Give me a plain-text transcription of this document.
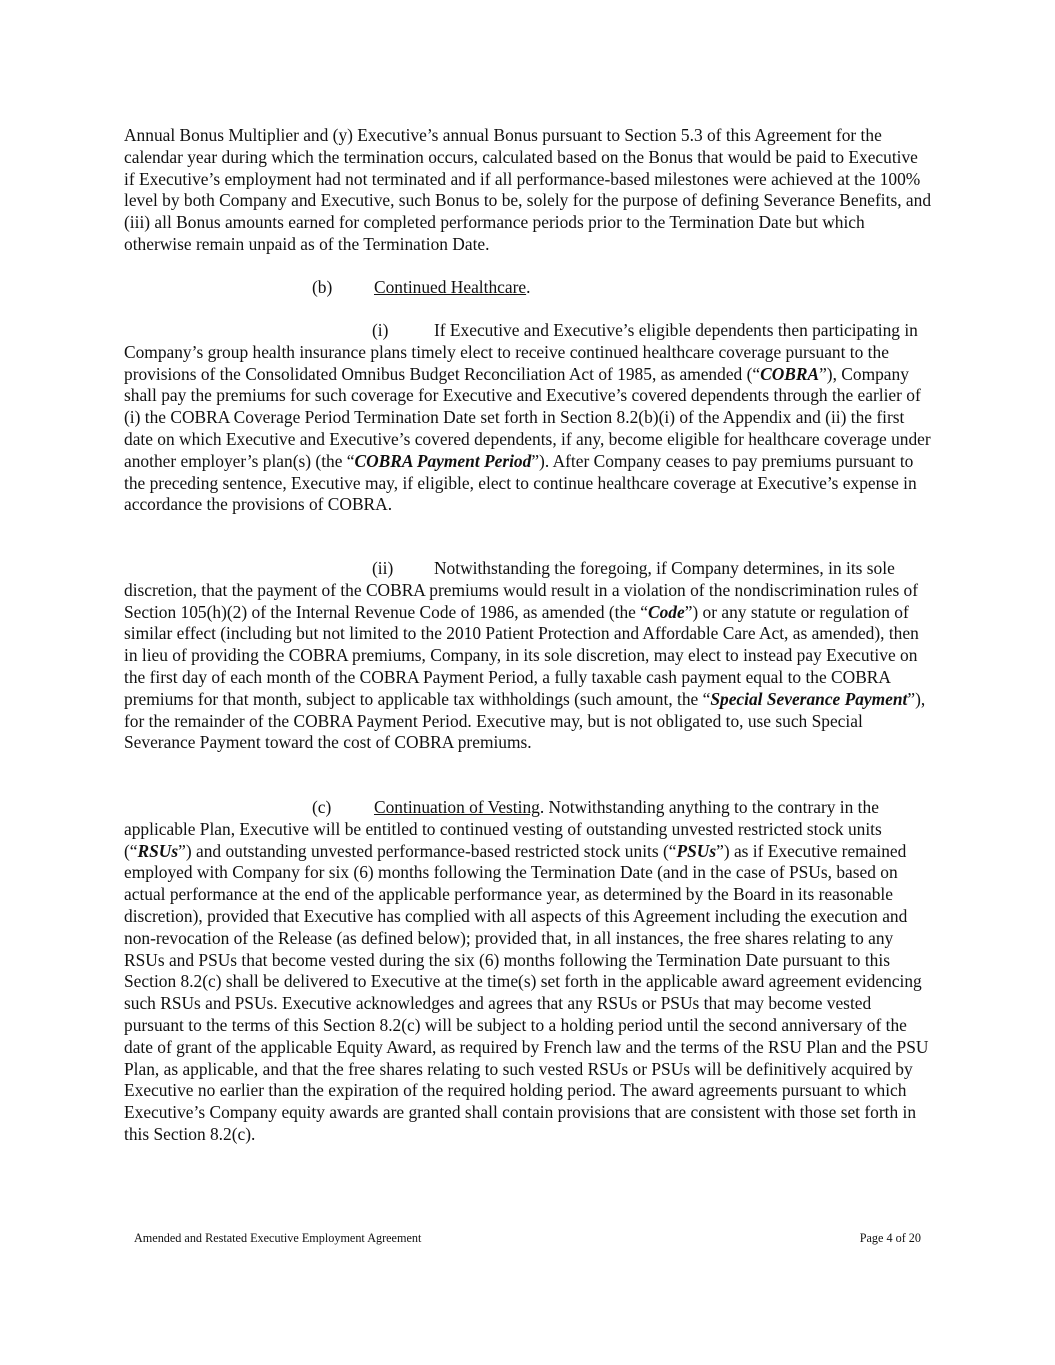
Annual Bonus Multiplier and (y) Executive’s annual Bonus pursuant to Section 5.3 of this Agreement for the calendar year during which the termination occurs, calculated based on the Bonus that would be paid to Executive if Executive’s employment had not terminated and if all performance-based milestones were achieved at the 100% level by both Company and Executive, such Bonus to be, solely for the purpose of defining Severance Benefits, and (iii) all Bonus amounts earned for completed performance periods prior to the Termination Date but which otherwise remain unpaid as of the Termination Date.

(b) Continued Healthcare.

(i)	If Executive and Executive’s eligible dependents then participating in Company’s group health insurance plans timely elect to receive continued healthcare coverage pursuant to the provisions of the Consolidated Omnibus Budget Reconciliation Act of 1985, as amended (“COBRA”), Company shall pay the premiums for such coverage for Executive and Executive’s covered dependents through the earlier of (i) the COBRA Coverage Period Termination Date set forth in Section 8.2(b)(i) of the Appendix and (ii) the first date on which Executive and Executive’s covered dependents, if any, become eligible for healthcare coverage under another employer’s plan(s) (the “COBRA Payment Period”). After Company ceases to pay premiums pursuant to the preceding sentence, Executive may, if eligible, elect to continue healthcare coverage at Executive’s expense in accordance the provisions of COBRA.

(ii) Notwithstanding the foregoing, if Company determines, in its sole discretion, that the payment of the COBRA premiums would result in a violation of the nondiscrimination rules of Section 105(h)(2) of the Internal Revenue Code of 1986, as amended (the “Code”) or any statute or regulation of similar effect (including but not limited to the 2010 Patient Protection and Affordable Care Act, as amended), then in lieu of providing the COBRA premiums, Company, in its sole discretion, may elect to instead pay Executive on the first day of each month of the COBRA Payment Period, a fully taxable cash payment equal to the COBRA premiums for that month, subject to applicable tax withholdings (such amount, the “Special Severance Payment”), for the remainder of the COBRA Payment Period. Executive may, but is not obligated to, use such Special Severance Payment toward the cost of COBRA premiums.

(c) Continuation of Vesting. Notwithstanding anything to the contrary in the applicable Plan, Executive will be entitled to continued vesting of outstanding unvested restricted stock units (“RSUs”) and outstanding unvested performance-based restricted stock units (“PSUs”) as if Executive remained employed with Company for six (6) months following the Termination Date (and in the case of PSUs, based on actual performance at the end of the applicable performance year, as determined by the Board in its reasonable discretion), provided that Executive has complied with all aspects of this Agreement including the execution and non-revocation of the Release (as defined below); provided that, in all instances, the free shares relating to any RSUs and PSUs that become vested during the six (6) months following the Termination Date pursuant to this Section 8.2(c) shall be delivered to Executive at the time(s) set forth in the applicable award agreement evidencing such RSUs and PSUs. Executive acknowledges and agrees that any RSUs or PSUs that may become vested pursuant to the terms of this Section 8.2(c) will be subject to a holding period until the second anniversary of the date of grant of the applicable Equity Award, as required by French law and the terms of the RSU Plan and the PSU Plan, as applicable, and that the free shares relating to such vested RSUs or PSUs will be definitively acquired by Executive no earlier than the expiration of the required holding period. The award agreements pursuant to which Executive’s Company equity awards are granted shall contain provisions that are consistent with those set forth in this Section 8.2(c).

Amended and Restated Executive Employment Agreement	Page 4 of 20
